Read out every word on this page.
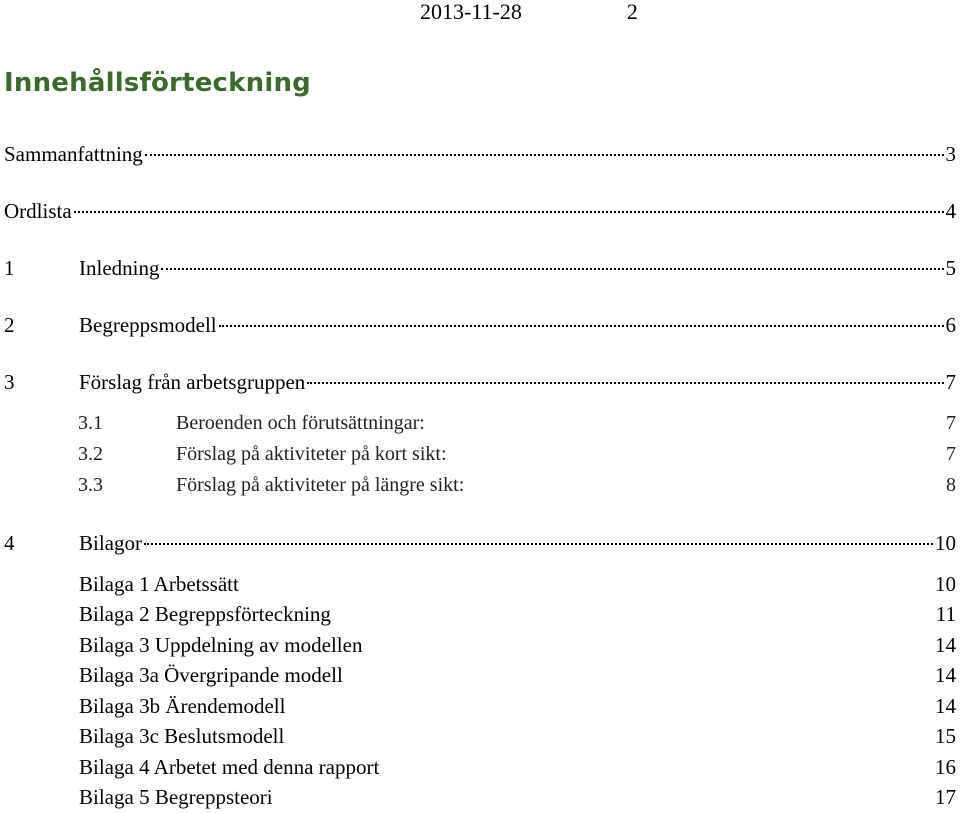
2013-11-28	2
Innehållsförteckning
Sammanfattning	3
Ordlista	4
1	Inledning	5
2	Begreppsmodell	6
3	Förslag från arbetsgruppen	7
3.1	Beroenden och förutsättningar:	7
3.2	Förslag på aktiviteter på kort sikt:	7
3.3	Förslag på aktiviteter på längre sikt:	8
4	Bilagor	10
Bilaga 1 Arbetssätt	10
Bilaga 2 Begreppsförteckning	11
Bilaga 3 Uppdelning av modellen	14
Bilaga 3a Övergripande modell	14
Bilaga 3b Ärendemodell	14
Bilaga 3c Beslutsmodell	15
Bilaga 4 Arbetet med denna rapport	16
Bilaga 5 Begreppsteori	17
